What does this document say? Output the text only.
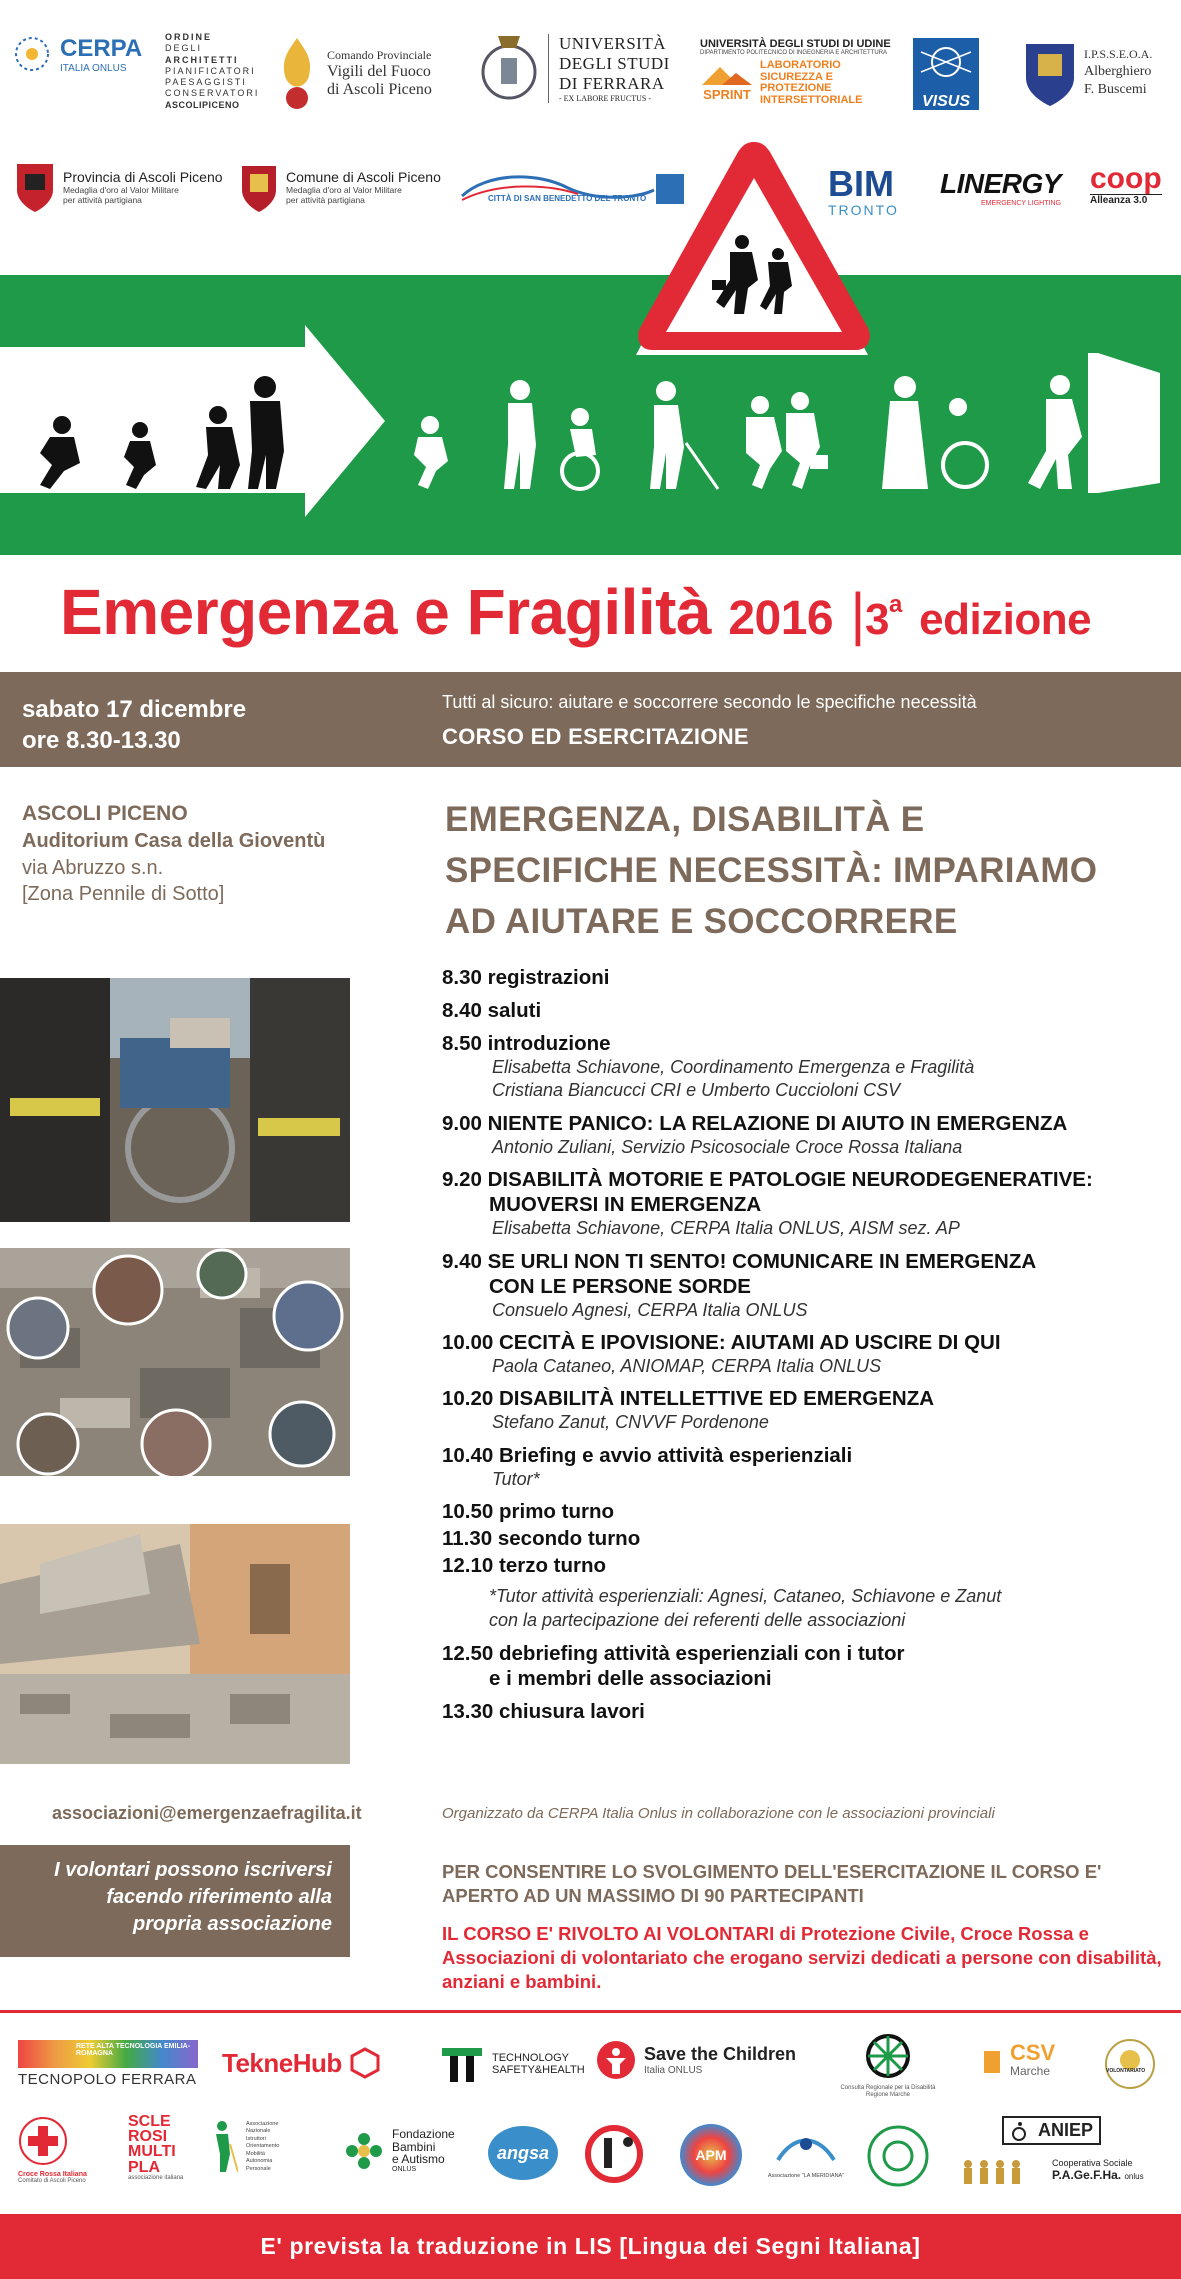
CERPA
ITALIA ONLUS
ORDINE
DEGLI
ARCHITETTI
PIANIFICATORI
PAESAGGISTI
CONSERVATORI
ASCOLIPICENO
Comando Provinciale
Vigili del Fuoco
di Ascoli Piceno
UNIVERSITÀ
DEGLI STUDI
DI FERRARA
- EX LABORE FRUCTUS -
UNIVERSITÀ DEGLI STUDI DI UDINE
DIPARTIMENTO POLITECNICO DI INGEGNERIA E ARCHITETTURA
SPRINT
LABORATORIO
SICUREZZA E
PROTEZIONE
INTERSETTORIALE	VISUS
I.P.S.S.E.O.A.
Alberghiero
F. Buscemi
Provincia di Ascoli Piceno
Medaglia d'oro al Valor Militare
per attività partigiana
Comune di Ascoli Piceno
Medaglia d'oro al Valor Militare
per attività partigiana	CITTÀ DI SAN BENEDETTO DEL TRONTO	BIM
TRONTO
LINERGY
EMERGENCY LIGHTING
coop
Alleanza 3.0
Emergenza e Fragilità 2016 |3$^a$ edizione
sabato 17 dicembre
ore 8.30-13.30
Tutti al sicuro: aiutare e soccorrere secondo le specifiche necessità
CORSO ED ESERCITAZIONE
ASCOLI PICENO
Auditorium Casa della Gioventù
via Abruzzo s.n.
[Zona Pennile di Sotto]
EMERGENZA, DISABILITÀ E
SPECIFICHE NECESSITÀ: IMPARIAMO
AD AIUTARE E SOCCORRERE
8.30 registrazioni
8.40 saluti
8.50 introduzione
Elisabetta Schiavone, Coordinamento Emergenza e Fragilità
Cristiana Biancucci CRI e Umberto Cuccioloni CSV
9.00 NIENTE PANICO: LA RELAZIONE DI AIUTO IN EMERGENZA
Antonio Zuliani, Servizio Psicosociale Croce Rossa Italiana
9.20 DISABILITÀ MOTORIE E PATOLOGIE NEURODEGENERATIVE:
MUOVERSI IN EMERGENZA
Elisabetta Schiavone, CERPA Italia ONLUS, AISM sez. AP
9.40 SE URLI NON TI SENTO! COMUNICARE IN EMERGENZA
CON LE PERSONE SORDE
Consuelo Agnesi, CERPA Italia ONLUS
10.00 CECITÀ E IPOVISIONE: AIUTAMI AD USCIRE DI QUI
Paola Cataneo, ANIOMAP, CERPA Italia ONLUS
10.20 DISABILITÀ INTELLETTIVE ED EMERGENZA
Stefano Zanut, CNVVF Pordenone
10.40 Briefing e avvio attività esperienziali
Tutor*
10.50 primo turno
11.30 secondo turno
12.10 terzo turno
*Tutor attività esperienziali: Agnesi, Cataneo, Schiavone e Zanut
con la partecipazione dei referenti delle associazioni
12.50 debriefing attività esperienziali con i tutor
e i membri delle associazioni
13.30 chiusura lavori
associazioni@emergenzaefragilita.it	Organizzato da CERPA Italia Onlus in collaborazione con le associazioni provinciali
I volontari possono iscriversi
facendo riferimento alla
propria associazione
PER CONSENTIRE LO SVOLGIMENTO DELL'ESERCITAZIONE IL CORSO E' APERTO AD UN MASSIMO DI 90 PARTECIPANTI
IL CORSO E' RIVOLTO AI VOLONTARI di Protezione Civile, Croce Rossa e Associazioni di volontariato che erogano servizi dedicati a persone con disabilità, anziani e bambini.
RETE ALTA TECNOLOGIA EMILIA-ROMAGNA
TECNOPOLO FERRARA
TekneHub	TECHNOLOGY
SAFETY&HEALTH
Save the Children
Italia ONLUS
Consulta Regionale per la Disabilità
Regione Marche
CSV
Marche	VOLONTARIATO
Croce Rossa Italiana
Comitato di Ascoli Piceno
SCLE
ROSI
MULTI
PLA
associazione italiana
Associazione
Nazionale
Istruttori
Orientamento
Mobilità
Autonomia
Personale
Fondazione
Bambini
e Autismo
ONLUS
angsa	APM
Associazione "LA MERIDIANA"
ANIEP
Cooperativa Sociale
P.A.Ge.F.Ha. onlus
E' prevista la traduzione in LIS [Lingua dei Segni Italiana]
